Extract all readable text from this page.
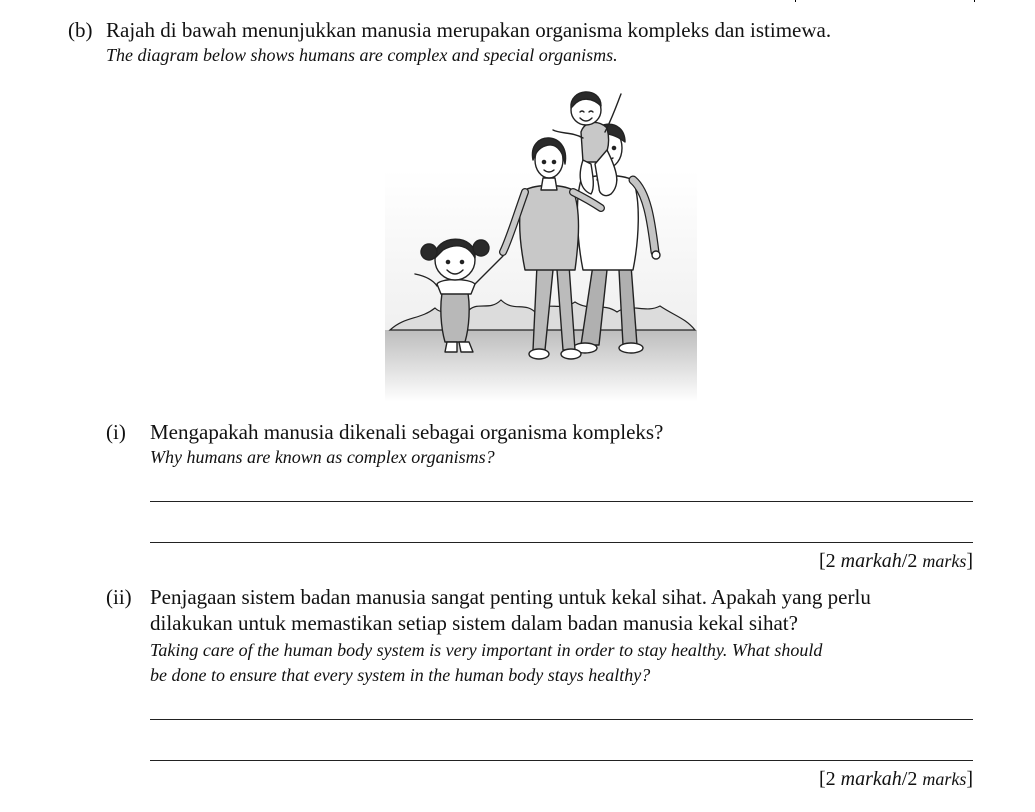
(b) Rajah di bawah menunjukkan manusia merupakan organisma kompleks dan istimewa.
The diagram below shows humans are complex and special organisms.
(i) Mengapakah manusia dikenali sebagai organisma kompleks?
Why humans are known as complex organisms?
[2 markah/2 marks]
(ii) Penjagaan sistem badan manusia sangat penting untuk kekal sihat. Apakah yang perlu
dilakukan untuk memastikan setiap sistem dalam badan manusia kekal sihat?
Taking care of the human body system is very important in order to stay healthy. What should
be done to ensure that every system in the human body stays healthy?
[2 markah/2 marks]
